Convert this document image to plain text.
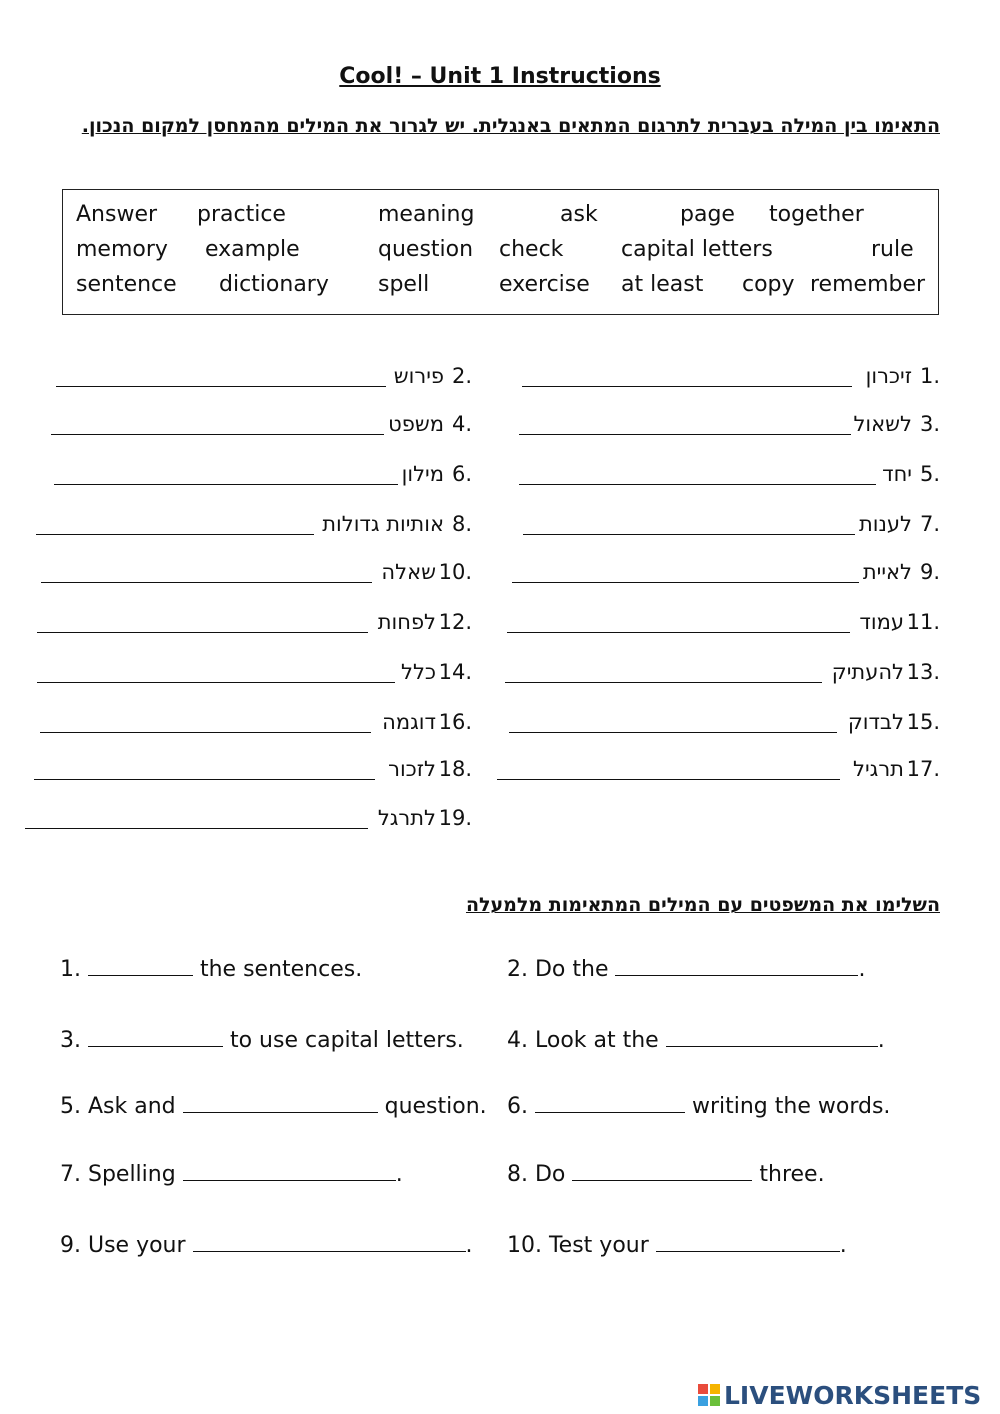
Cool! – Unit 1 Instructions
התאימו בין המילה בעברית לתרגום המתאים באנגלית. יש לגרור את המילים מהמחסן למקום הנכון.
Answer practice	meaning	ask	page together
memory example	question check	capital letters	rule
sentence dictionary spell	exercise at least copy remember
1.
זיכרון
2.
פירוש
3.
לשאול
4.
משפט
5.
יחד
6.
מילון
7.
לענות
8.
אותיות גדולות
9.
לאיית
10.
שאלה
11.
עמוד
12.
לפחות
13.
להעתיק
14.
כלל
15.
לבדוק
16.
דוגמה
17.
תרגיל
18.
לזכור
19.
לתרגל
השלימו את המשפטים עם המילים המתאימות מלמעלה
1.	the sentences.	2. Do the	.
3.	to use capital letters. 4. Look at the	.
5. Ask and	question. 6.	writing the words.
7. Spelling	.	8. Do	three.
9. Use your	. 10. Test your	.
LIVEWORKSHEETS
